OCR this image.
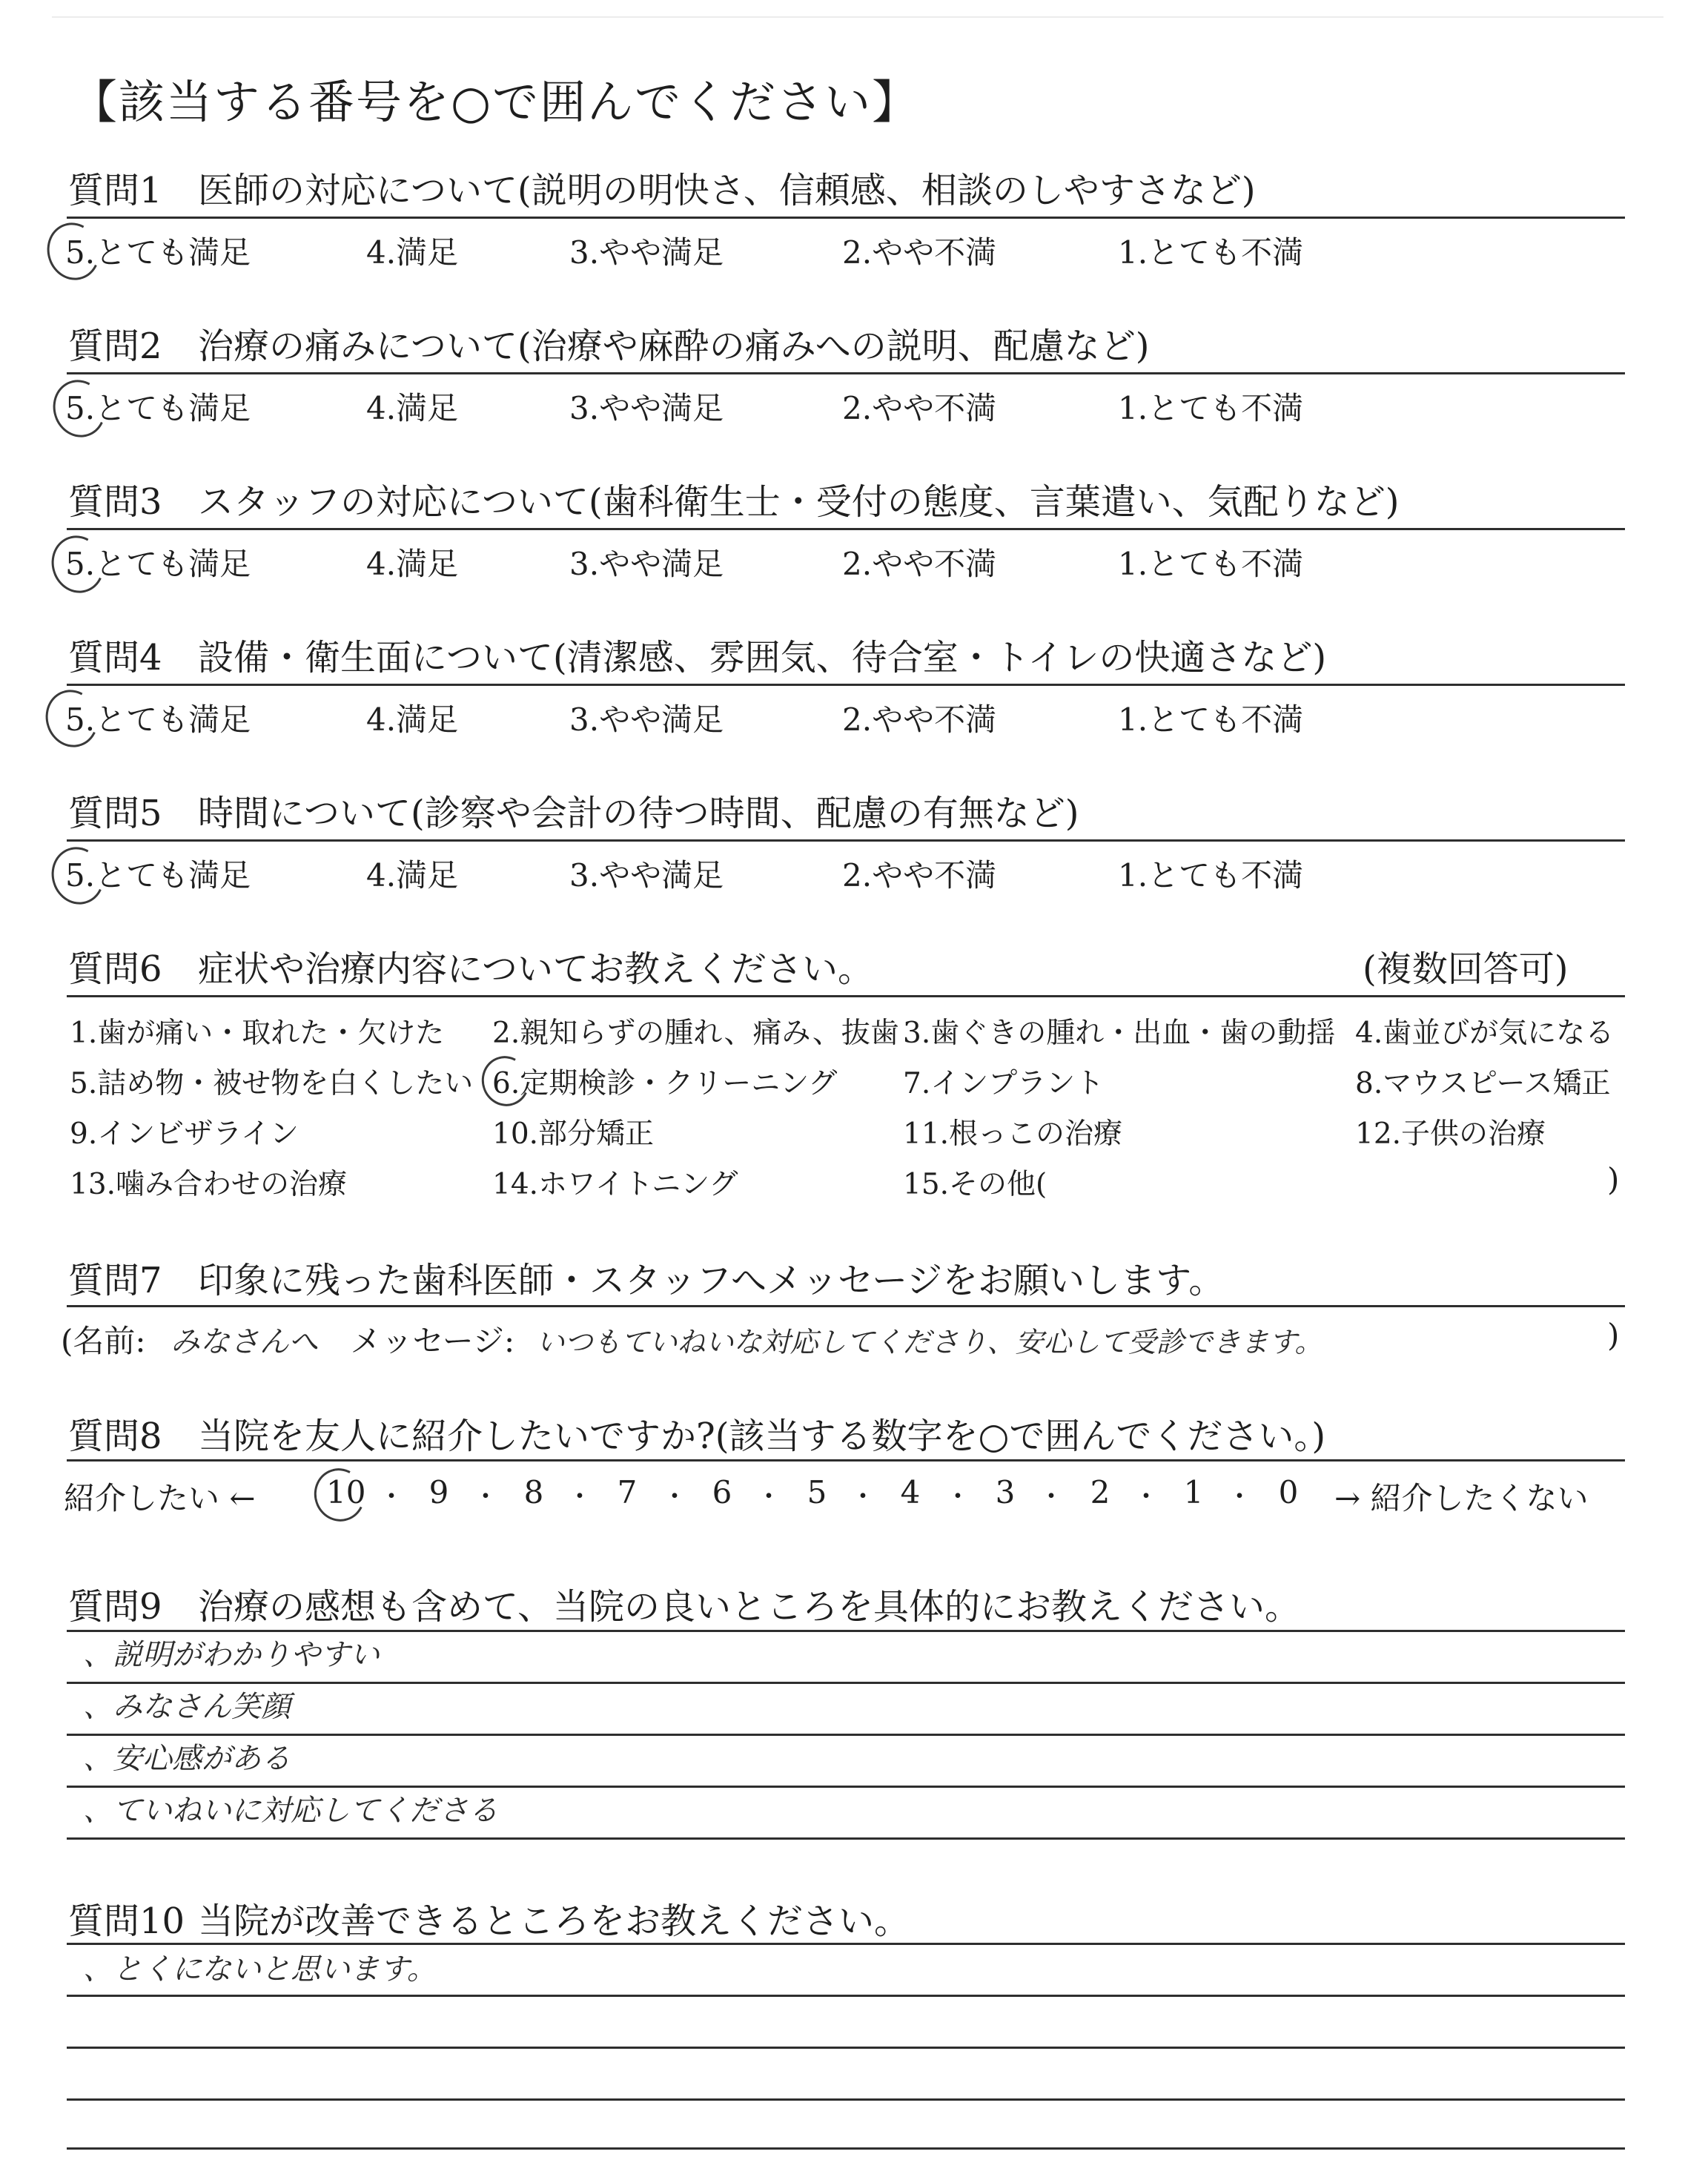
【該当する番号を○で囲んでください】
質問1 医師の対応について(説明の明快さ、信頼感、相談のしやすさなど)
5.とても満足	4.満足	3.やや満足	2.やや不満	1.とても不満
質問2 治療の痛みについて(治療や麻酔の痛みへの説明、配慮など)
5.とても満足	4.満足	3.やや満足	2.やや不満	1.とても不満
質問3 スタッフの対応について(歯科衛生士・受付の態度、言葉遣い、気配りなど)
5.とても満足	4.満足	3.やや満足	2.やや不満	1.とても不満
質問4 設備・衛生面について(清潔感、雰囲気、待合室・トイレの快適さなど)
5.とても満足	4.満足	3.やや満足	2.やや不満	1.とても不満
質問5 時間について(診察や会計の待つ時間、配慮の有無など)
5.とても満足	4.満足	3.やや満足	2.やや不満	1.とても不満
質問6 症状や治療内容についてお教えください。	(複数回答可)
1.歯が痛い・取れた・欠けた 2.親知らずの腫れ、痛み、抜歯 3.歯ぐきの腫れ・出血・歯の動揺 4.歯並びが気になる
5.詰め物・被せ物を白くしたい 6.定期検診・クリーニング 7.インプラント	8.マウスピース矯正
9.インビザライン	10.部分矯正	11.根っこの治療	12.子供の治療
13.噛み合わせの治療	14.ホワイトニング	15.その他(	)
質問7 印象に残った歯科医師・スタッフへメッセージをお願いします。
(名前: みなさんへ メッセージ: いつもていねいな対応してくださり、安心して受診できます。	)
質問8 当院を友人に紹介したいですか?(該当する数字を○で囲んでください。)
紹介したい ←	→ 紹介したくない
10 ・ 9 ・ 8 ・ 7 ・ 6 ・ 5 ・ 4 ・ 3 ・ 2 ・ 1 ・ 0
質問9 治療の感想も含めて、当院の良いところを具体的にお教えください。
、説明がわかりやすい
、みなさん笑顔
、安心感がある
、ていねいに対応してくださる
質問10 当院が改善できるところをお教えください。
、とくにないと思います。
